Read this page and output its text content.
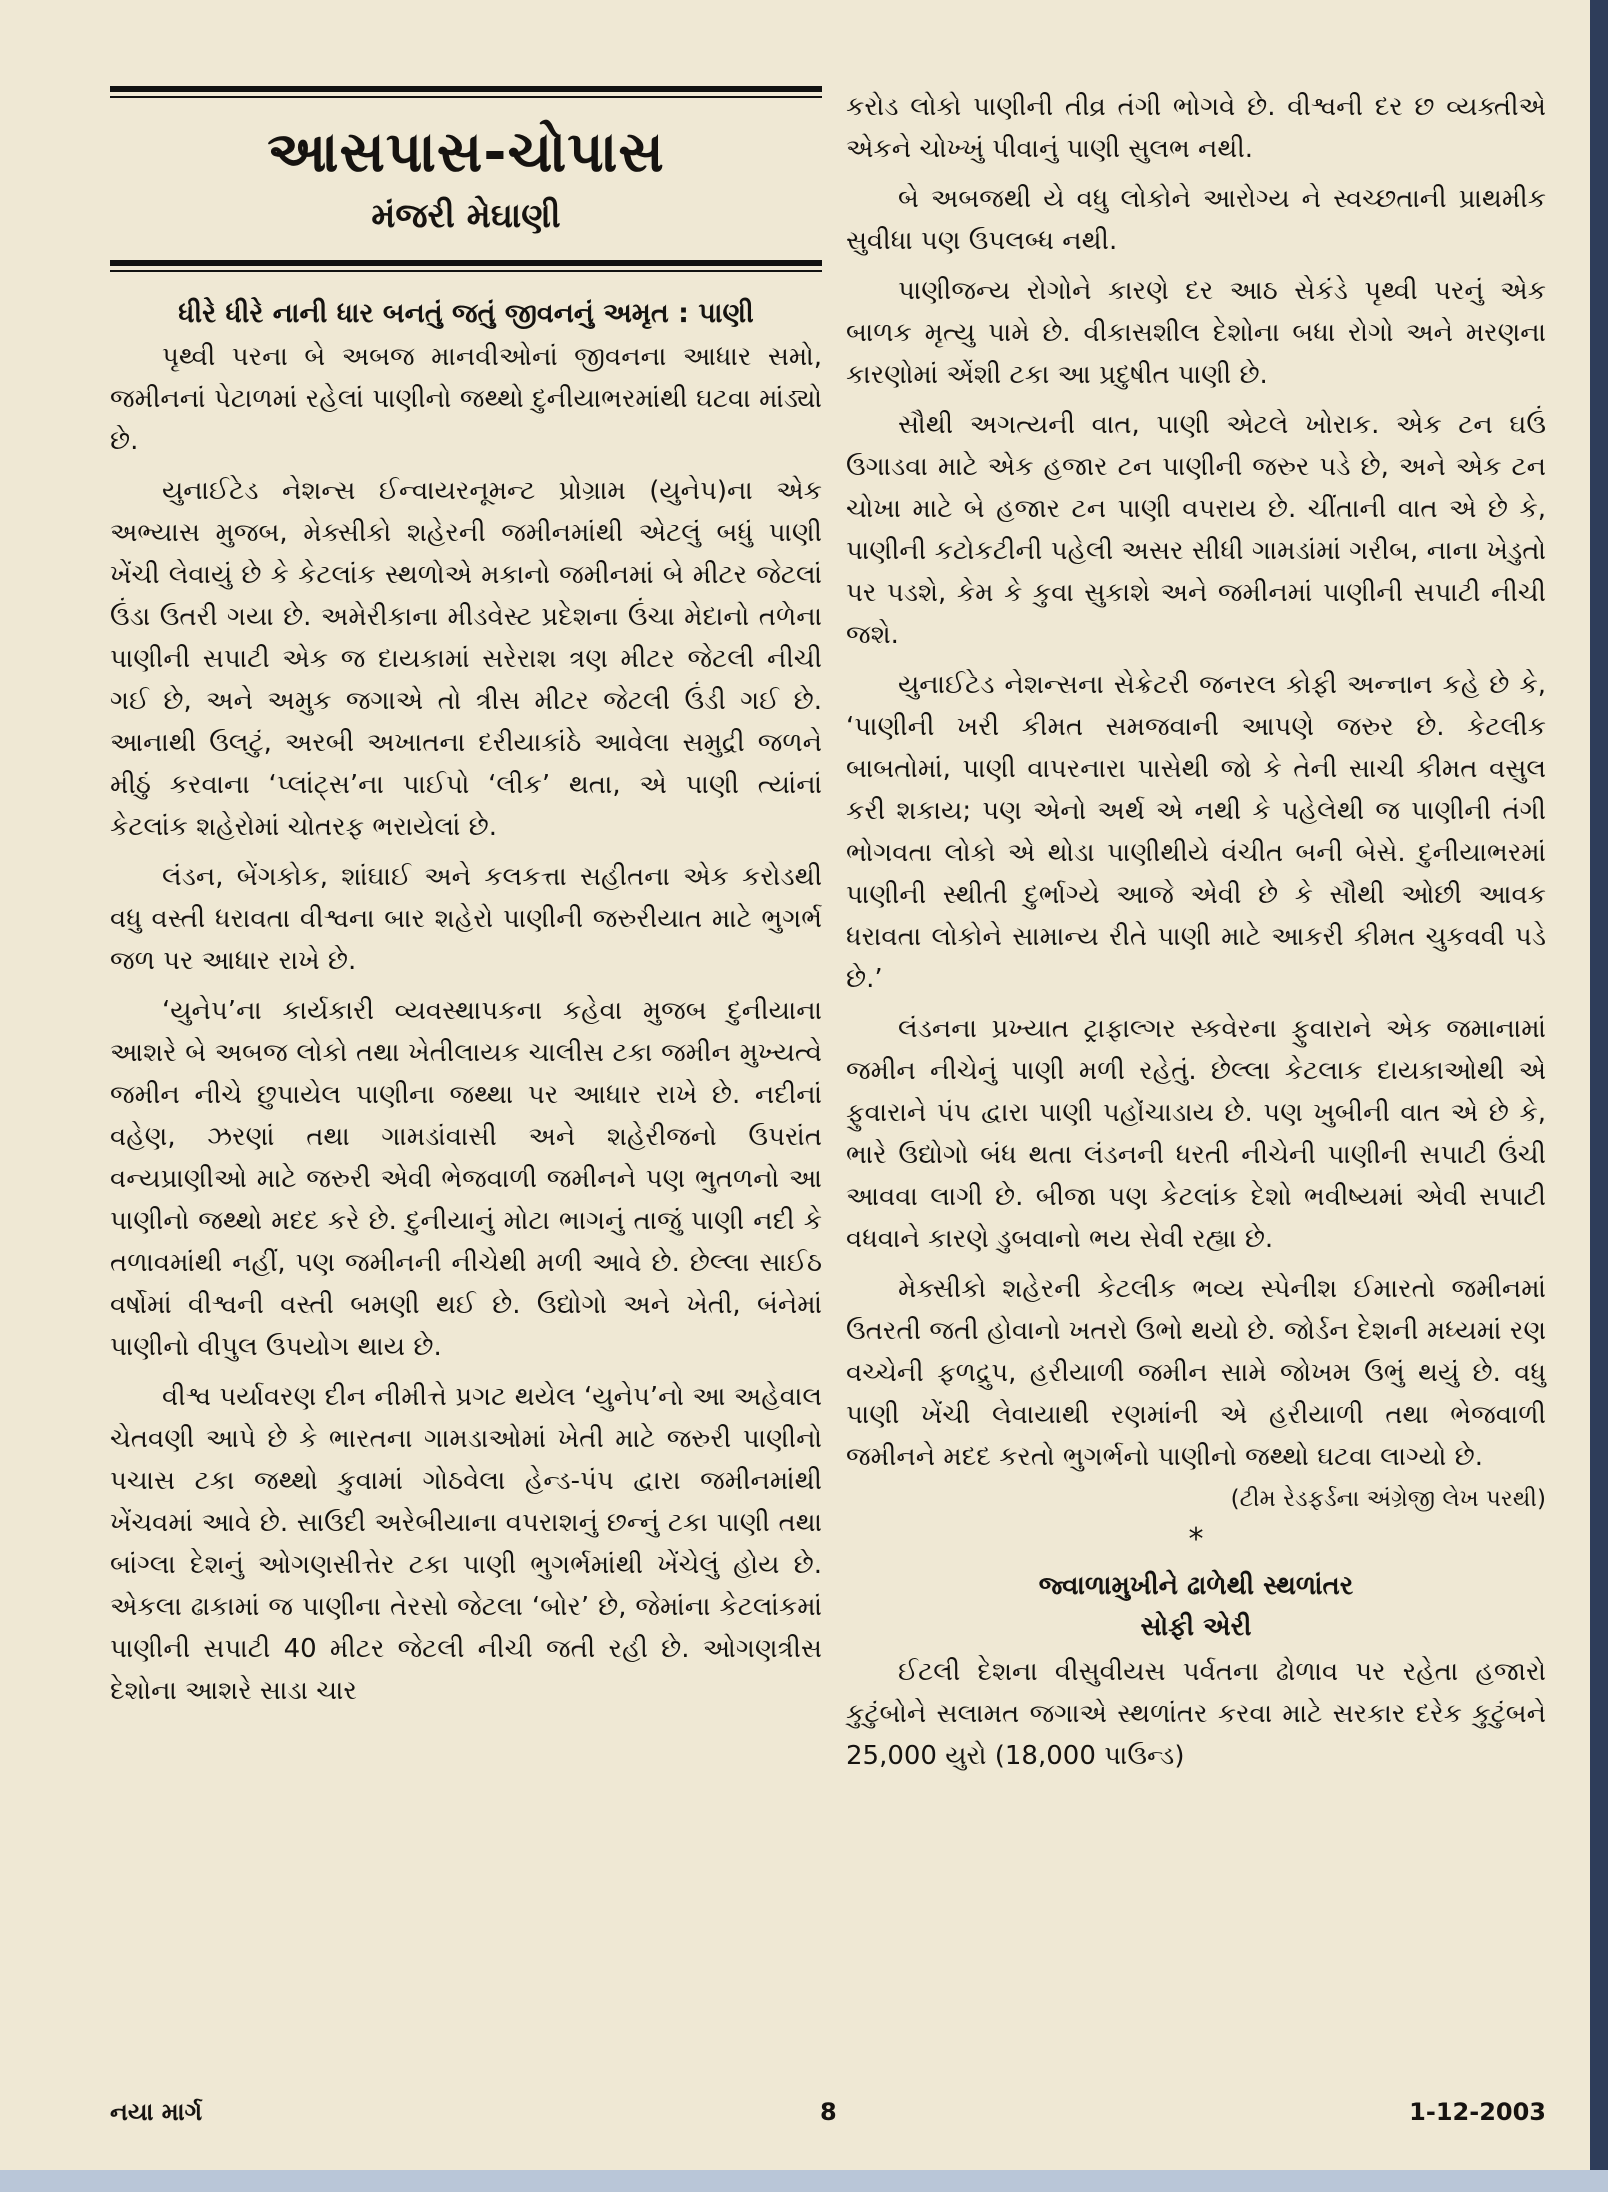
આસપાસ-ચોપાસ
મંજરી મેઘાણી
ધીરે ધીરે નાની ધાર બનતું જતું જીવનનું અમૃત : પાણી

પૃથ્વી પરના બે અબજ માનવીઓનાં જીવનના આધાર સમો, જમીનનાં પેટાળમાં રહેલાં પાણીનો જથ્થો દુનીયાભરમાંથી ઘટવા માંડ્યો છે.

યુનાઈટેડ નેશન્સ ઈન્વાયરનૂમન્ટ પ્રોગ્રામ (યુનેપ)ના એક અભ્યાસ મુજબ, મેક્સીકો શહેરની જમીનમાંથી એટલું બધું પાણી ખેંચી લેવાયું છે કે કેટલાંક સ્થળોએ મકાનો જમીનમાં બે મીટર જેટલાં ઉંડા ઉતરી ગયા છે. અમેરીકાના મીડવેસ્ટ પ્રદેશના ઉંચા મેદાનો તળેના પાણીની સપાટી એક જ દાયકામાં સરેરાશ ત્રણ મીટર જેટલી નીચી ગઈ છે, અને અમુક જગાએ તો ત્રીસ મીટર જેટલી ઉંડી ગઈ છે. આનાથી ઉલટું, અરબી અખાતના દરીયાકાંઠે આવેલા સમુદ્રી જળને મીઠું કરવાના ‘પ્લાંટ્સ’ના પાઈપો ‘લીક’ થતા, એ પાણી ત્યાંનાં કેટલાંક શહેરોમાં ચોતરફ ભરાયેલાં છે.

લંડન, બેંગકોક, શાંઘાઈ અને કલકત્તા સહીતના એક કરોડથી વધુ વસ્તી ધરાવતા વીશ્વના બાર શહેરો પાણીની જરુરીયાત માટે ભુગર્ભ જળ પર આધાર રાખે છે.

‘યુનેપ’ના કાર્યકારી વ્યવસ્થાપકના કહેવા મુજબ દુનીયાના આશરે બે અબજ લોકો તથા ખેતીલાયક ચાલીસ ટકા જમીન મુખ્યત્વે જમીન નીચે છુપાયેલ પાણીના જથ્થા પર આધાર રાખે છે. નદીનાં વહેણ, ઝરણાં તથા ગામડાંવાસી અને શહેરીજનો ઉપરાંત વન્યપ્રાણીઓ માટે જરુરી એવી ભેજવાળી જમીનને પણ ભુતળનો આ પાણીનો જથ્થો મદદ કરે છે. દુનીયાનું મોટા ભાગનું તાજું પાણી નદી કે તળાવમાંથી નહીં, પણ જમીનની નીચેથી મળી આવે છે. છેલ્લા સાઈઠ વર્ષોમાં વીશ્વની વસ્તી બમણી થઈ છે. ઉદ્યોગો અને ખેતી, બંનેમાં પાણીનો વીપુલ ઉપયોગ થાય છે.

વીશ્વ પર્યાવરણ દીન નીમીત્તે પ્રગટ થયેલ ‘યુનેપ’નો આ અહેવાલ ચેતવણી આપે છે કે ભારતના ગામડાઓમાં ખેતી માટે જરુરી પાણીનો પચાસ ટકા જથ્થો કુવામાં ગોઠવેલા હેન્ડ-પંપ દ્વારા જમીનમાંથી ખેંચવમાં આવે છે. સાઉદી અરેબીયાના વપરાશનું છન્નું ટકા પાણી તથા બાંગ્લા દેશનું ઓગણસીત્તેર ટકા પાણી ભુગર્ભમાંથી ખેંચેલું હોય છે. એકલા ઢાકામાં જ પાણીના તેરસો જેટલા ‘બોર’ છે, જેમાંના કેટલાંકમાં પાણીની સપાટી 40 મીટર જેટલી નીચી જતી રહી છે. ઓગણત્રીસ દેશોના આશરે સાડા ચાર

કરોડ લોકો પાણીની તીવ્ર તંગી ભોગવે છે. વીશ્વની દર છ વ્યક્તીએ એકને ચોખ્ખું પીવાનું પાણી સુલભ નથી.

બે અબજથી યે વધુ લોકોને આરોગ્ય ને સ્વચ્છતાની પ્રાથમીક સુવીધા પણ ઉપલબ્ધ નથી.

પાણીજન્ય રોગોને કારણે દર આઠ સેકંડે પૃથ્વી પરનું એક બાળક મૃત્યુ પામે છે. વીકાસશીલ દેશોના બધા રોગો અને મરણના કારણોમાં એંશી ટકા આ પ્રદુષીત પાણી છે.

સૌથી અગત્યની વાત, પાણી એટલે ખોરાક. એક ટન ઘઉં ઉગાડવા માટે એક હજાર ટન પાણીની જરુર પડે છે, અને એક ટન ચોખા માટે બે હજાર ટન પાણી વપરાય છે. ચીંતાની વાત એ છે કે, પાણીની કટોકટીની પહેલી અસર સીધી ગામડાંમાં ગરીબ, નાના ખેડુતો પર પડશે, કેમ કે કુવા સુકાશે અને જમીનમાં પાણીની સપાટી નીચી જશે.

યુનાઈટેડ નેશન્સના સેક્રેટરી જનરલ કોફી અન્નાન કહે છે કે, ‘પાણીની ખરી કીમત સમજવાની આપણે જરુર છે. કેટલીક બાબતોમાં, પાણી વાપરનારા પાસેથી જો કે તેની સાચી કીમત વસુલ કરી શકાય; પણ એનો અર્થ એ નથી કે પહેલેથી જ પાણીની તંગી ભોગવતા લોકો એ થોડા પાણીથીયે વંચીત બની બેસે. દુનીયાભરમાં પાણીની સ્થીતી દુર્ભાગ્યે આજે એવી છે કે સૌથી ઓછી આવક ધરાવતા લોકોને સામાન્ય રીતે પાણી માટે આકરી કીમત ચુકવવી પડે છે.’

લંડનના પ્રખ્યાત ટ્રાફાલ્ગર સ્કવેરના ફુવારાને એક જમાનામાં જમીન નીચેનું પાણી મળી રહેતું. છેલ્લા કેટલાક દાયકાઓથી એ ફુવારાને પંપ દ્વારા પાણી પહોંચાડાય છે. પણ ખુબીની વાત એ છે કે, ભારે ઉદ્યોગો બંધ થતા લંડનની ધરતી નીચેની પાણીની સપાટી ઉંચી આવવા લાગી છે. બીજા પણ કેટલાંક દેશો ભવીષ્યમાં એવી સપાટી વધવાને કારણે ડુબવાનો ભય સેવી રહ્યા છે.

મેક્સીકો શહેરની કેટલીક ભવ્ય સ્પેનીશ ઈમારતો જમીનમાં ઉતરતી જતી હોવાનો ખતરો ઉભો થયો છે. જોર્ડન દેશની મધ્યમાં રણ વચ્ચેની ફળદ્રુપ, હરીયાળી જમીન સામે જોખમ ઉભું થયું છે. વધુ પાણી ખેંચી લેવાયાથી રણમાંની એ હરીયાળી તથા ભેજવાળી જમીનને મદદ કરતો ભુગર્ભનો પાણીનો જથ્થો ઘટવા લાગ્યો છે.

(ટીમ રેડફર્ડના અંગ્રેજી લેખ પરથી)
*
જ્વાળામુખીને ઢાળેથી સ્થળાંતર
સોફી એરી

ઈટલી દેશના વીસુવીયસ પર્વતના ઢોળાવ પર રહેતા હજારો કુટુંબોને સલામત જગાએ સ્થળાંતર કરવા માટે સરકાર દરેક કુટુંબને 25,000 યુરો (18,000 પાઉન્ડ)

નયા માર્ગ	8	1-12-2003
